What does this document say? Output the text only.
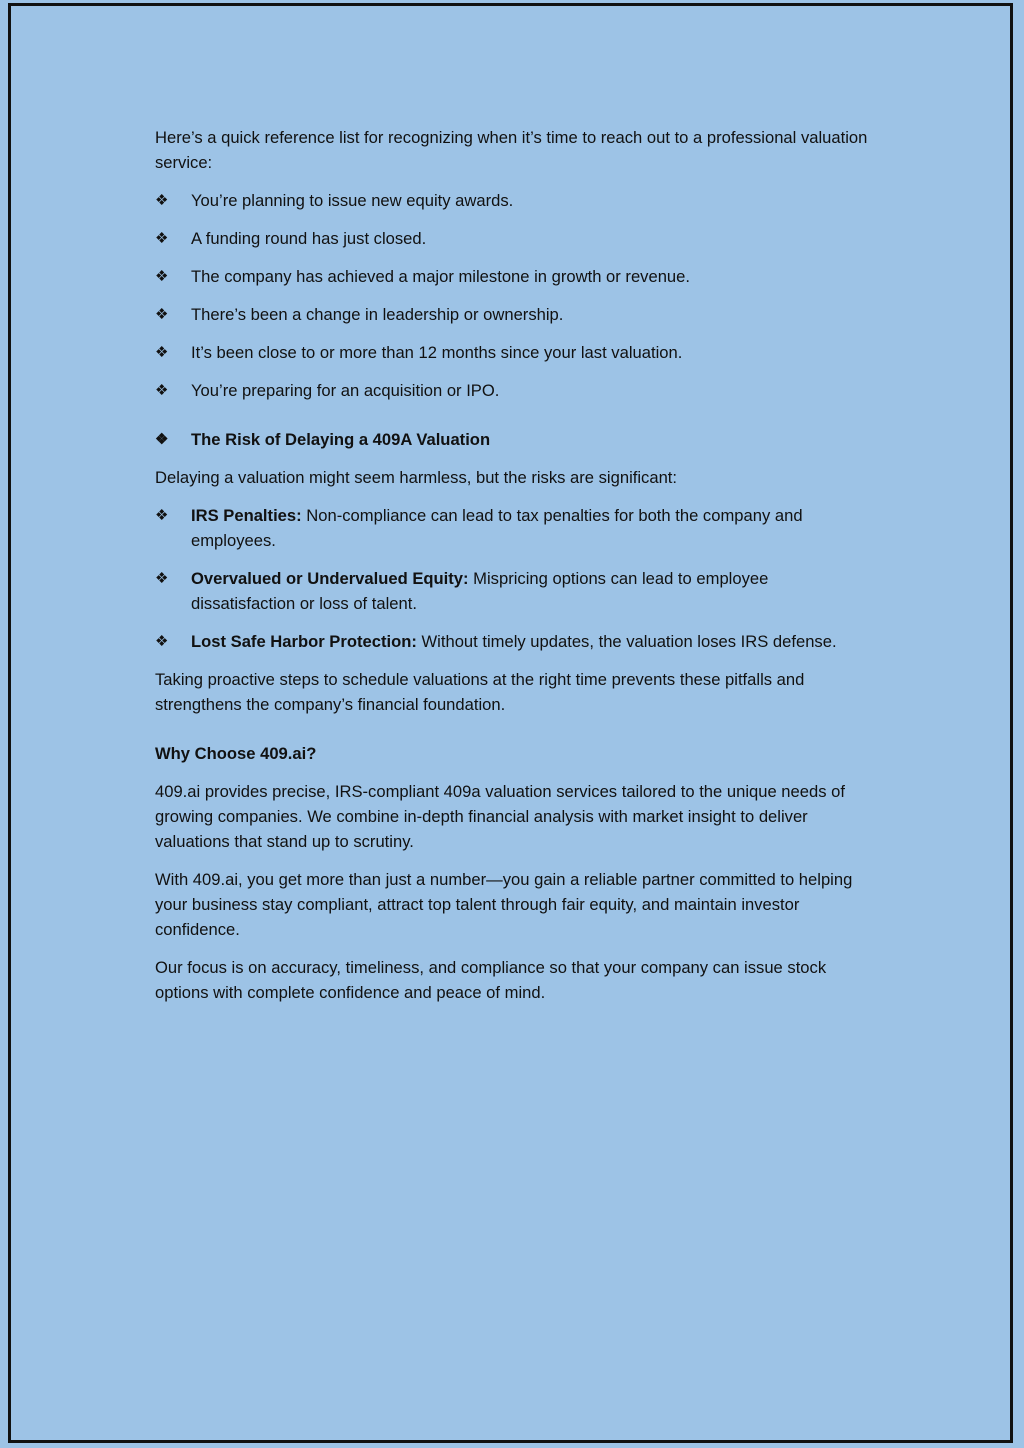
Here’s a quick reference list for recognizing when it’s time to reach out to a professional valuation service:

❖ You’re planning to issue new equity awards.
❖ A funding round has just closed.
❖ The company has achieved a major milestone in growth or revenue.
❖ There’s been a change in leadership or ownership.
❖ It’s been close to or more than 12 months since your last valuation.
❖ You’re preparing for an acquisition or IPO.
❖ The Risk of Delaying a 409A Valuation

Delaying a valuation might seem harmless, but the risks are significant:

❖ IRS Penalties: Non-compliance can lead to tax penalties for both the company and employees.
❖ Overvalued or Undervalued Equity: Mispricing options can lead to employee dissatisfaction or loss of talent.
❖ Lost Safe Harbor Protection: Without timely updates, the valuation loses IRS defense.

Taking proactive steps to schedule valuations at the right time prevents these pitfalls and strengthens the company’s financial foundation.

Why Choose 409.ai?

409.ai provides precise, IRS-compliant 409a valuation services tailored to the unique needs of growing companies. We combine in-depth financial analysis with market insight to deliver valuations that stand up to scrutiny.

With 409.ai, you get more than just a number—you gain a reliable partner committed to helping your business stay compliant, attract top talent through fair equity, and maintain investor confidence.

Our focus is on accuracy, timeliness, and compliance so that your company can issue stock options with complete confidence and peace of mind.
